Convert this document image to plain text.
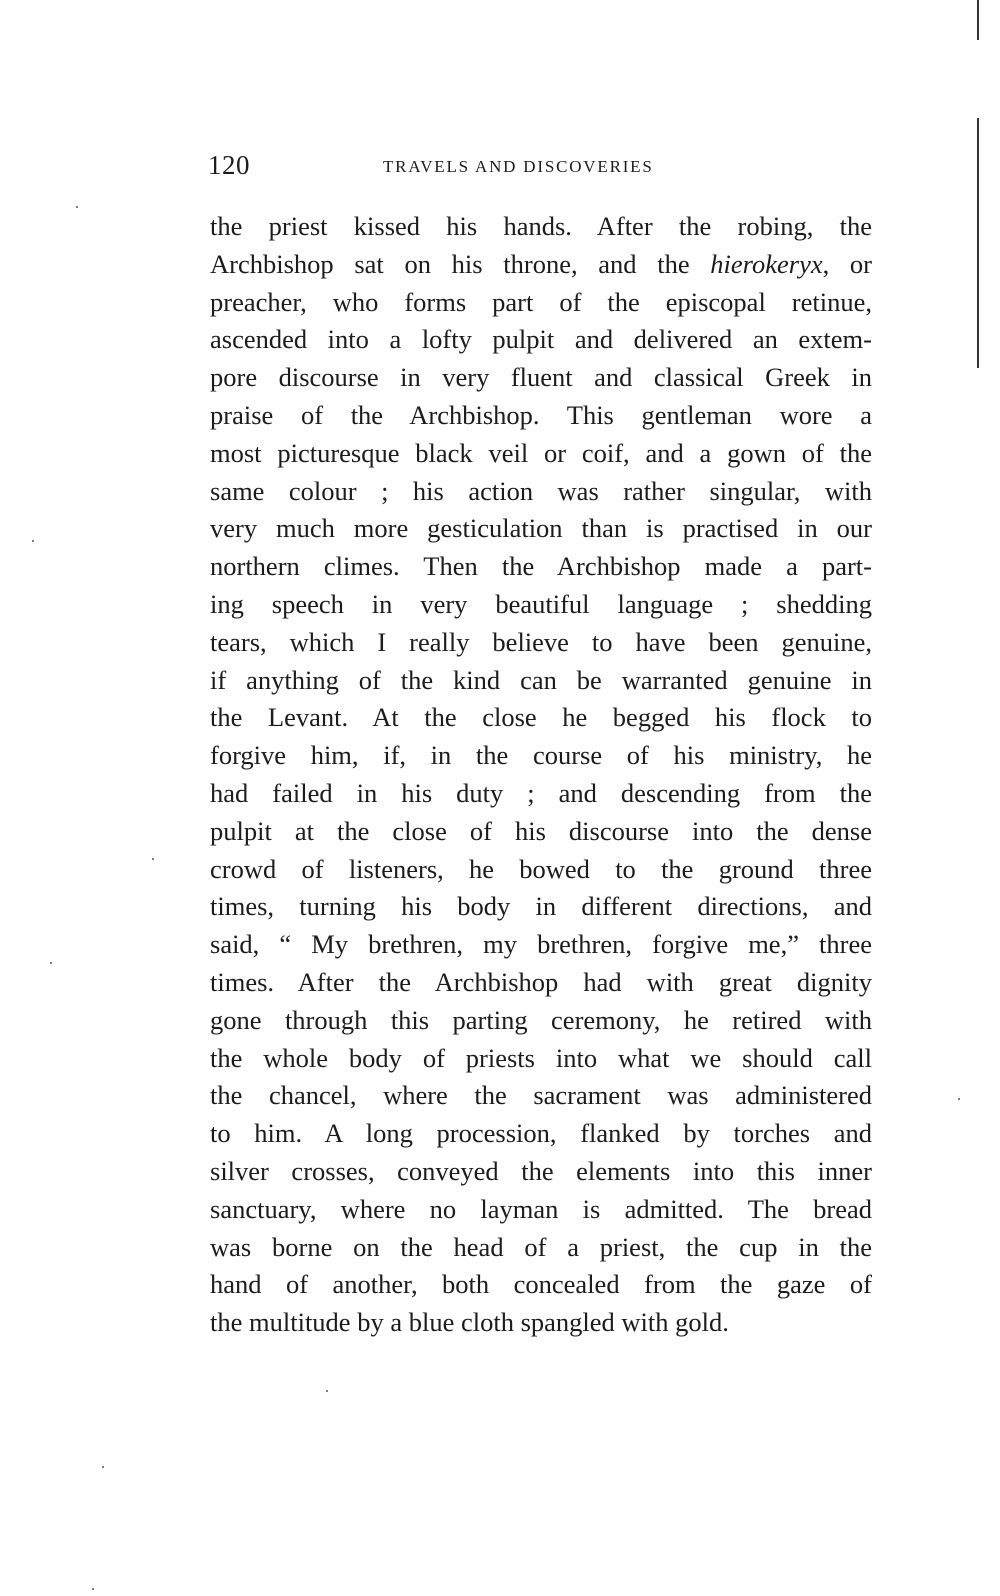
120	TRAVELS AND DISCOVERIES
the priest kissed his hands. After the robing, the
Archbishop sat on his throne, and the hierokeryx, or
preacher, who forms part of the episcopal retinue,
ascended into a lofty pulpit and delivered an extem-
pore discourse in very fluent and classical Greek in
praise of the Archbishop. This gentleman wore a
most picturesque black veil or coif, and a gown of the
same colour ; his action was rather singular, with
very much more gesticulation than is practised in our
northern climes. Then the Archbishop made a part-
ing speech in very beautiful language ; shedding
tears, which I really believe to have been genuine,
if anything of the kind can be warranted genuine in
the Levant. At the close he begged his flock to
forgive him, if, in the course of his ministry, he
had failed in his duty ; and descending from the
pulpit at the close of his discourse into the dense
crowd of listeners, he bowed to the ground three
times, turning his body in different directions, and
said, “ My brethren, my brethren, forgive me,” three
times. After the Archbishop had with great dignity
gone through this parting ceremony, he retired with
the whole body of priests into what we should call
the chancel, where the sacrament was administered
to him. A long procession, flanked by torches and
silver crosses, conveyed the elements into this inner
sanctuary, where no layman is admitted. The bread
was borne on the head of a priest, the cup in the
hand of another, both concealed from the gaze of
the multitude by a blue cloth spangled with gold.
